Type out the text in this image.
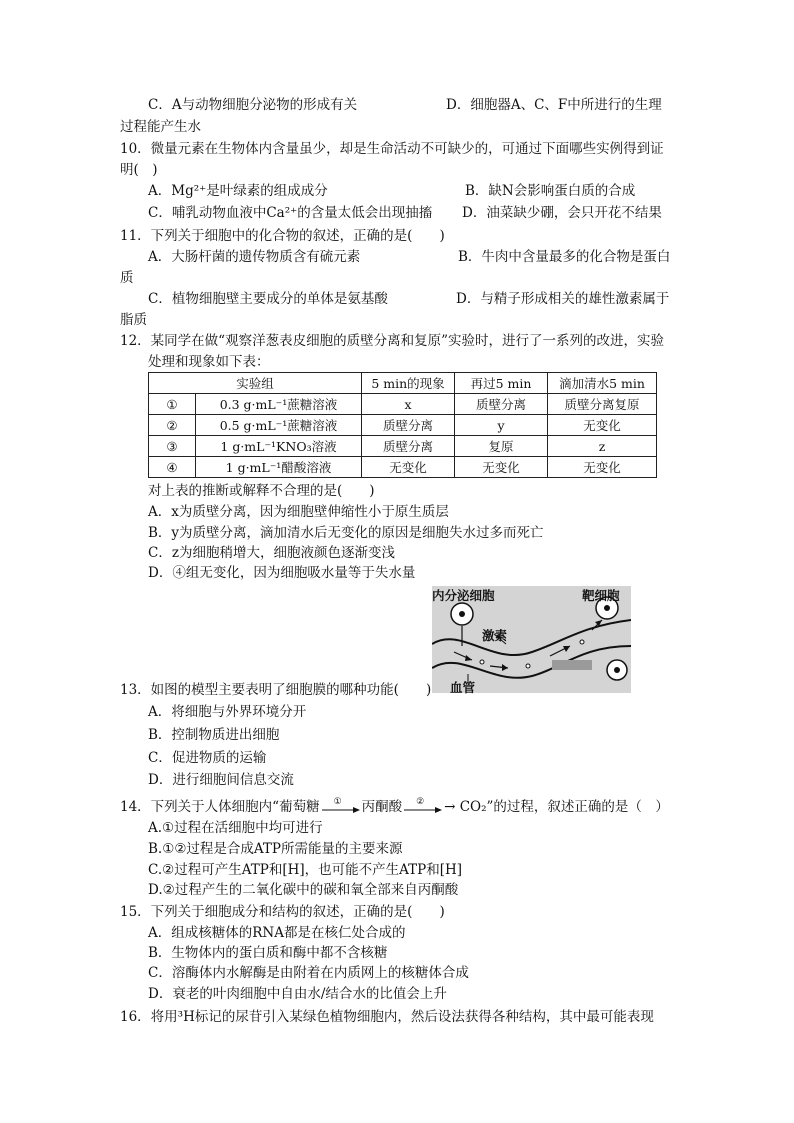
C．A与动物细胞分泌物的形成有关	D．细胞器A、C、F中所进行的生理
过程能产生水
10．微量元素在生物体内含量虽少，却是生命活动不可缺少的，可通过下面哪些实例得到证
明(　)
A．Mg²⁺是叶绿素的组成成分	B．缺N会影响蛋白质的合成
C．哺乳动物血液中Ca²⁺的含量太低会出现抽搐 D．油菜缺少硼，会只开花不结果
11．下列关于细胞中的化合物的叙述，正确的是(　　)
A．大肠杆菌的遗传物质含有硫元素	B．牛肉中含量最多的化合物是蛋白
质
C．植物细胞壁主要成分的单体是氨基酸	D．与精子形成相关的雄性激素属于
脂质
12．某同学在做“观察洋葱表皮细胞的质壁分离和复原”实验时，进行了一系列的改进，实验
处理和现象如下表：
实验组		5 min的现象	再过5 min	滴加清水5 min
①	0.3 g·mL⁻¹蔗糖溶液	x	质壁分离	质壁分离复原
②	0.5 g·mL⁻¹蔗糖溶液	质壁分离	y	无变化
③	1 g·mL⁻¹KNO₃溶液	质壁分离	复原	z
④	1 g·mL⁻¹醋酸溶液	无变化	无变化	无变化
对上表的推断或解释不合理的是(　　)
A．x为质壁分离，因为细胞壁伸缩性小于原生质层
B．y为质壁分离，滴加清水后无变化的原因是细胞失水过多而死亡
C．z为细胞稍增大，细胞液颜色逐渐变浅
D．④组无变化，因为细胞吸水量等于失水量
内分泌细胞	靶细胞
激素
血管
13．如图的模型主要表明了细胞膜的哪种功能(　　)
A．将细胞与外界环境分开
B．控制物质进出细胞
C．促进物质的运输
D．进行细胞间信息交流
14．下列关于人体细胞内“葡萄糖 ① 丙酮酸 ② → CO₂”的过程，叙述正确的是（　）
A.①过程在活细胞中均可进行
B.①②过程是合成ATP所需能量的主要来源
C.②过程可产生ATP和[H]，也可能不产生ATP和[H]
D.②过程产生的二氧化碳中的碳和氧全部来自丙酮酸
15．下列关于细胞成分和结构的叙述，正确的是(　　)
A．组成核糖体的RNA都是在核仁处合成的
B．生物体内的蛋白质和酶中都不含核糖
C．溶酶体内水解酶是由附着在内质网上的核糖体合成
D．衰老的叶肉细胞中自由水/结合水的比值会上升
16．将用³H标记的尿苷引入某绿色植物细胞内，然后设法获得各种结构，其中最可能表现
